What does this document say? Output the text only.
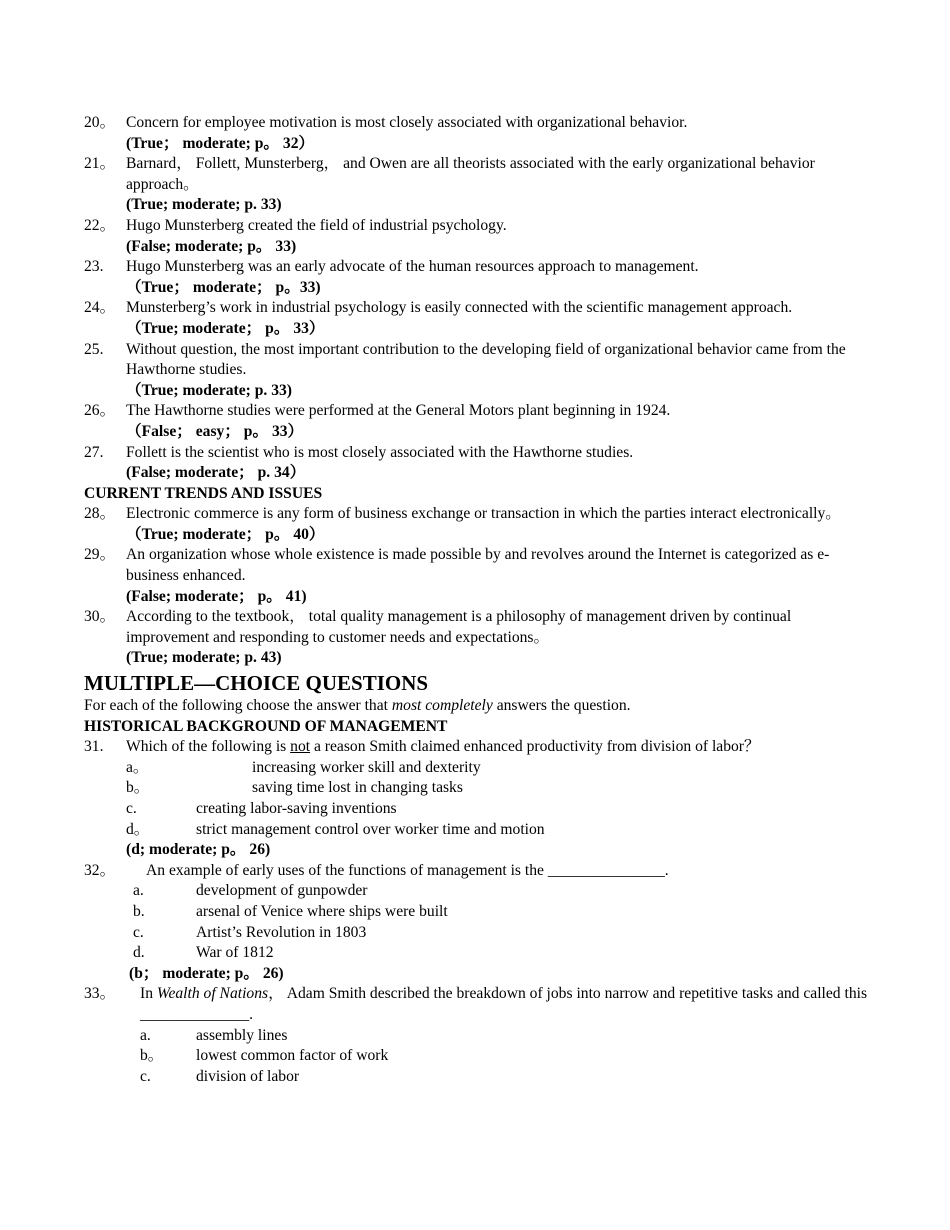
20。 Concern for employee motivation is most closely associated with organizational behavior.
(True； moderate; p。 32）
21。 Barnard， Follett, Munsterberg， and Owen are all theorists associated with the early organizational behavior approach。
(True; moderate; p. 33)
22。 Hugo Munsterberg created the field of industrial psychology.
(False; moderate; p。 33)
23.	Hugo Munsterberg was an early advocate of the human resources approach to management.
（True； moderate； p。33)
24。 Munsterberg’s work in industrial psychology is easily connected with the scientific management approach.
（True; moderate； p。 33）
25.	Without question, the most important contribution to the developing field of organizational behavior came from the Hawthorne studies.
（True; moderate; p. 33)
26。 The Hawthorne studies were performed at the General Motors plant beginning in 1924.
（False； easy； p。 33）
27.	Follett is the scientist who is most closely associated with the Hawthorne studies.
(False; moderate； p. 34）
CURRENT TRENDS AND ISSUES
28。 Electronic commerce is any form of business exchange or transaction in which the parties interact electronically。
（True; moderate； p。 40）
29。 An organization whose whole existence is made possible by and revolves around the Internet is categorized as e-business enhanced.
(False; moderate； p。 41)
30。 According to the textbook， total quality management is a philosophy of management driven by continual improvement and responding to customer needs and expectations。
(True; moderate; p. 43)
MULTIPLE—CHOICE QUESTIONS
For each of the following choose the answer that most completely answers the question.
HISTORICAL BACKGROUND OF MANAGEMENT
31.	Which of the following is not a reason Smith claimed enhanced productivity from division of labor？
a。	increasing worker skill and dexterity
b。	saving time lost in changing tasks
c.	creating labor-saving inventions
d。	strict management control over worker time and motion
(d; moderate; p。 26)
32。	An example of early uses of the functions of management is the _______________.
a.	development of gunpowder
b.	arsenal of Venice where ships were built
c.	Artist’s Revolution in 1803
d.	War of 1812
(b； moderate; p。 26)
33。	In Wealth of Nations， Adam Smith described the breakdown of jobs into narrow and repetitive tasks and called this ______________.
a.	assembly lines
b。	lowest common factor of work
c.	division of labor
